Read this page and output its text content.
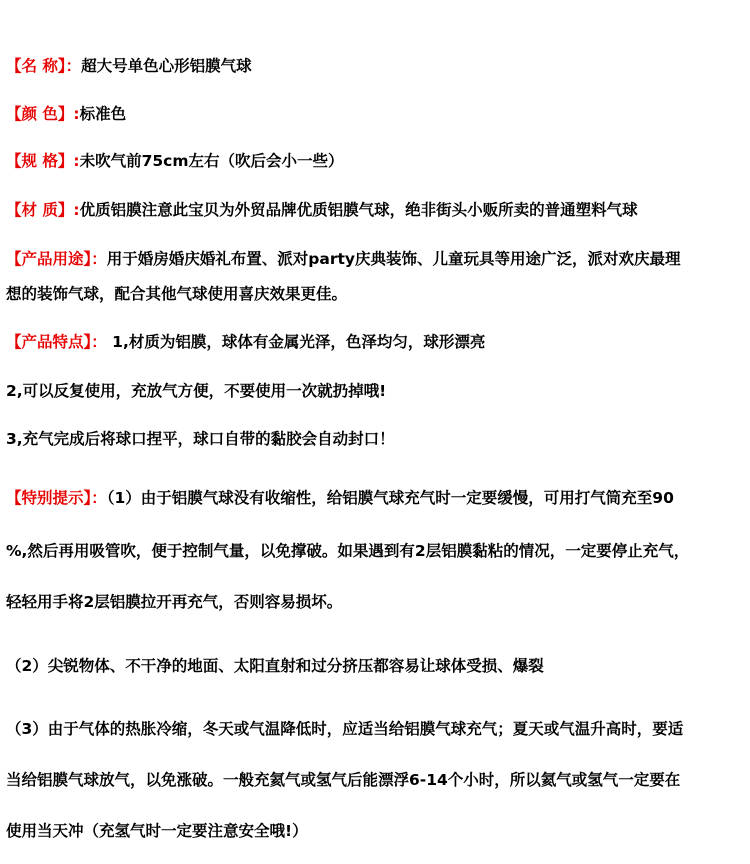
【名 称】：超大号单色心形铝膜气球
【颜 色】:标准色
【规 格】:未吹气前75cm左右（吹后会小一些）
【材 质】:优质铝膜注意此宝贝为外贸品牌优质铝膜气球，绝非街头小贩所卖的普通塑料气球
【产品用途】：用于婚房婚庆婚礼布置、派对party庆典装饰、儿童玩具等用途广泛，派对欢庆最理
想的装饰气球，配合其他气球使用喜庆效果更佳。
【产品特点】： 1,材质为铝膜，球体有金属光泽，色泽均匀，球形漂亮
2,可以反复使用，充放气方便，不要使用一次就扔掉哦!
3,充气完成后将球口捏平，球口自带的黏胶会自动封口！
【特别提示】：（1）由于铝膜气球没有收缩性，给铝膜气球充气时一定要缓慢，可用打气筒充至90
%,然后再用吸管吹，便于控制气量，以免撑破。如果遇到有2层铝膜黏粘的情况，一定要停止充气，
轻轻用手将2层铝膜拉开再充气，否则容易损坏。
（2）尖锐物体、不干净的地面、太阳直射和过分挤压都容易让球体受损、爆裂
（3）由于气体的热胀冷缩，冬天或气温降低时，应适当给铝膜气球充气；夏天或气温升高时，要适
当给铝膜气球放气，以免涨破。一般充氦气或氢气后能漂浮6-14个小时，所以氦气或氢气一定要在
使用当天冲（充氢气时一定要注意安全哦!）
